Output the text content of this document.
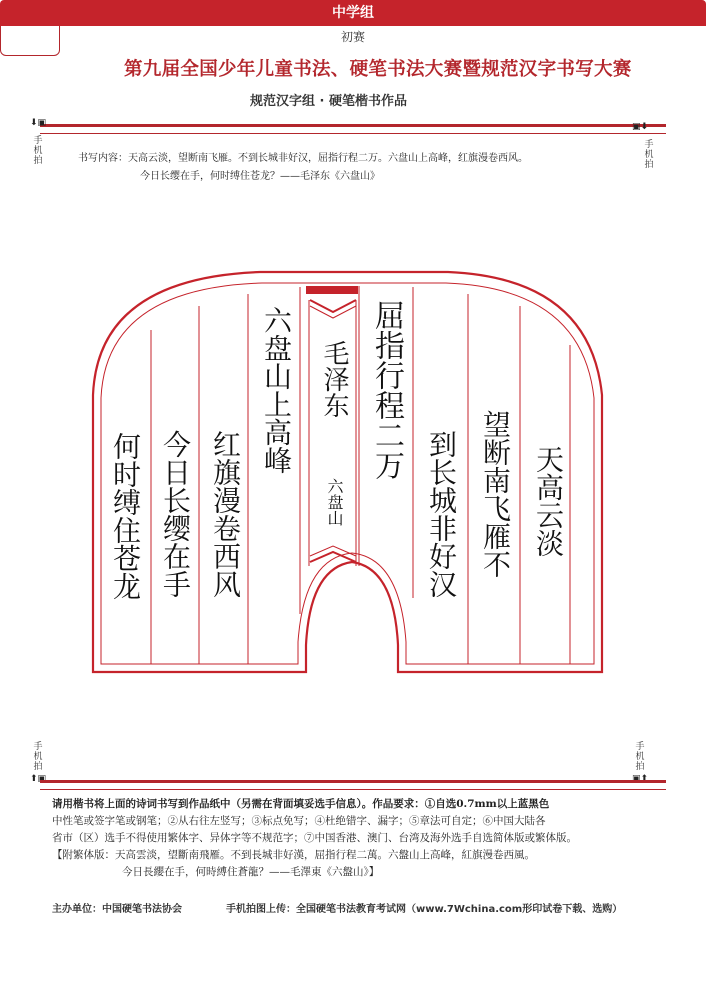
中学组
初赛
第九届全国少年儿童书法、硬笔书法大赛暨规范汉字书写大赛
规范汉字组 · 硬笔楷书作品
⬇▣	▣⬇
手机拍
手机拍
书写内容：天高云淡，望断南飞雁。不到长城非好汉，屈指行程二万。六盘山上高峰，红旗漫卷西风。
今日长缨在手，何时缚住苍龙？——毛泽东《六盘山》
天高云淡
望断南飞雁不
到长城非好汉
屈指行程二万
毛泽东
六盘山
六盘山上高峰
红旗漫卷西风
今日长缨在手
何时缚住苍龙
手机拍
手机拍
⬆▣	▣⬆
请用楷书将上面的诗词书写到作品纸中（另需在背面填妥选手信息）。作品要求：①自选0.7mm以上蓝黑色
中性笔或签字笔或钢笔；②从右往左竖写；③标点免写；④杜绝错字、漏字；⑤章法可自定；⑥中国大陆各
省市（区）选手不得使用繁体字、异体字等不规范字；⑦中国香港、澳门、台湾及海外选手自选简体版或繁体版。
【附繁体版：天高雲淡，望斷南飛雁。不到長城非好漢，屈指行程二萬。六盤山上高峰，紅旗漫卷西風。
今日長纓在手，何時縛住蒼龍？——毛澤東《六盤山》】
主办单位：中国硬笔书法协会	手机拍图上传：全国硬笔书法教育考试网（www.7Wchina.com形印试卷下载、选购）
